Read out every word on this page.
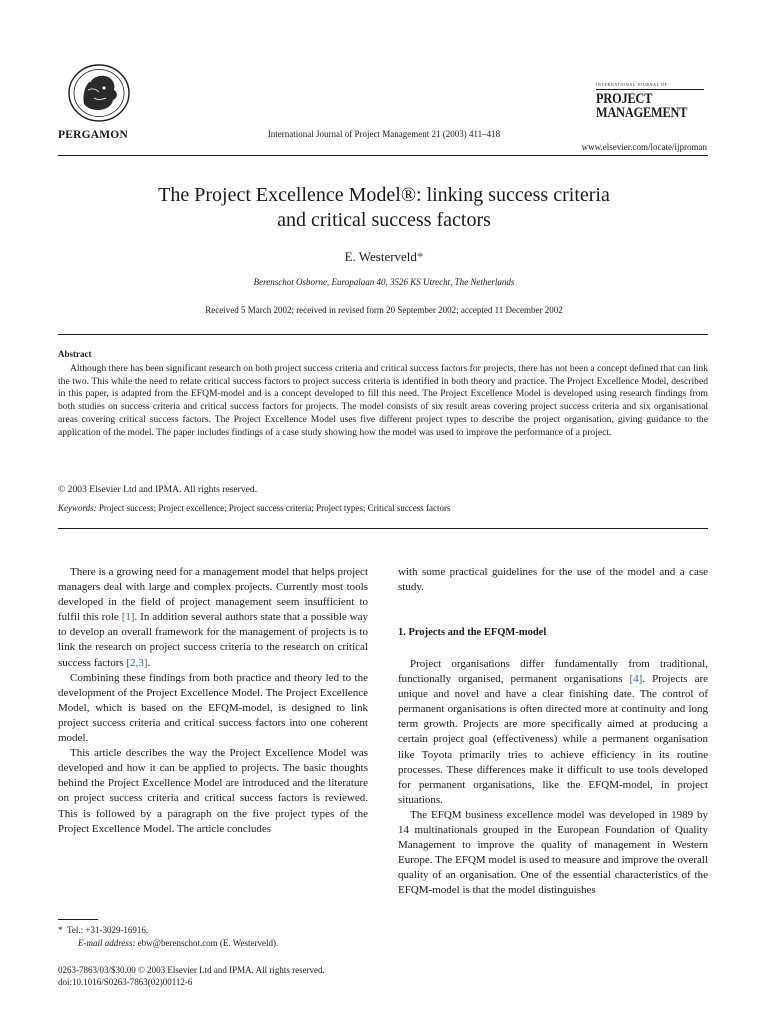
PERGAMON	International Journal of Project Management 21 (2003) 411–418
INTERNATIONAL JOURNAL OF
PROJECT
MANAGEMENT
www.elsevier.com/locate/ijproman
The Project Excellence Model®: linking success criteria
and critical success factors
E. Westerveld*
Berenschot Osborne, Europalaan 40, 3526 KS Utrecht, The Netherlands
Received 5 March 2002; received in revised form 20 September 2002; accepted 11 December 2002
Abstract
Although there has been significant research on both project success criteria and critical success factors for projects, there has not been a concept defined that can link the two. This while the need to relate critical success factors to project success criteria is identified in both theory and practice. The Project Excellence Model, described in this paper, is adapted from the EFQM-model and is a concept developed to fill this need. The Project Excellence Model is developed using research findings from both studies on success criteria and critical success factors for projects. The model consists of six result areas covering project success criteria and six organisational areas covering critical success factors. The Project Excellence Model uses five different project types to describe the project organisation, giving guidance to the application of the model. The paper includes findings of a case study showing how the model was used to improve the performance of a project.
© 2003 Elsevier Ltd and IPMA. All rights reserved.
Keywords: Project success; Project excellence; Project success criteria; Project types; Critical success factors

There is a growing need for a management model that helps project managers deal with large and complex projects. Currently most tools developed in the field of project management seem insufficient to fulfil this role [1]. In addition several authors state that a possible way to develop an overall framework for the management of projects is to link the research on project success criteria to the research on critical success factors [2,3].

Combining these findings from both practice and theory led to the development of the Project Excellence Model. The Project Excellence Model, which is based on the EFQM-model, is designed to link project success criteria and critical success factors into one coherent model.

This article describes the way the Project Excellence Model was developed and how it can be applied to projects. The basic thoughts behind the Project Excellence Model are introduced and the literature on project success criteria and critical success factors is reviewed. This is followed by a paragraph on the five project types of the Project Excellence Model. The article concludes

with some practical guidelines for the use of the model and a case study.

1. Projects and the EFQM-model

Project organisations differ fundamentally from traditional, functionally organised, permanent organisations [4]. Projects are unique and novel and have a clear finishing date. The control of permanent organisations is often directed more at continuity and long term growth. Projects are more specifically aimed at producing a certain project goal (effectiveness) while a permanent organisation like Toyota primarily tries to achieve efficiency in its routine processes. These differences make it difficult to use tools developed for permanent organisations, like the EFQM-model, in project situations.

The EFQM business excellence model was developed in 1989 by 14 multinationals grouped in the European Foundation of Quality Management to improve the quality of management in Western Europe. The EFQM model is used to measure and improve the overall quality of an organisation. One of the essential characteristics of the EFQM-model is that the model distinguishes

* Tel.: +31-3029-16916.
E-mail address: ebw@berenschot.com (E. Westerveld).
0263-7863/03/$30.00 © 2003 Elsevier Ltd and IPMA. All rights reserved.
doi:10.1016/S0263-7863(02)00112-6
